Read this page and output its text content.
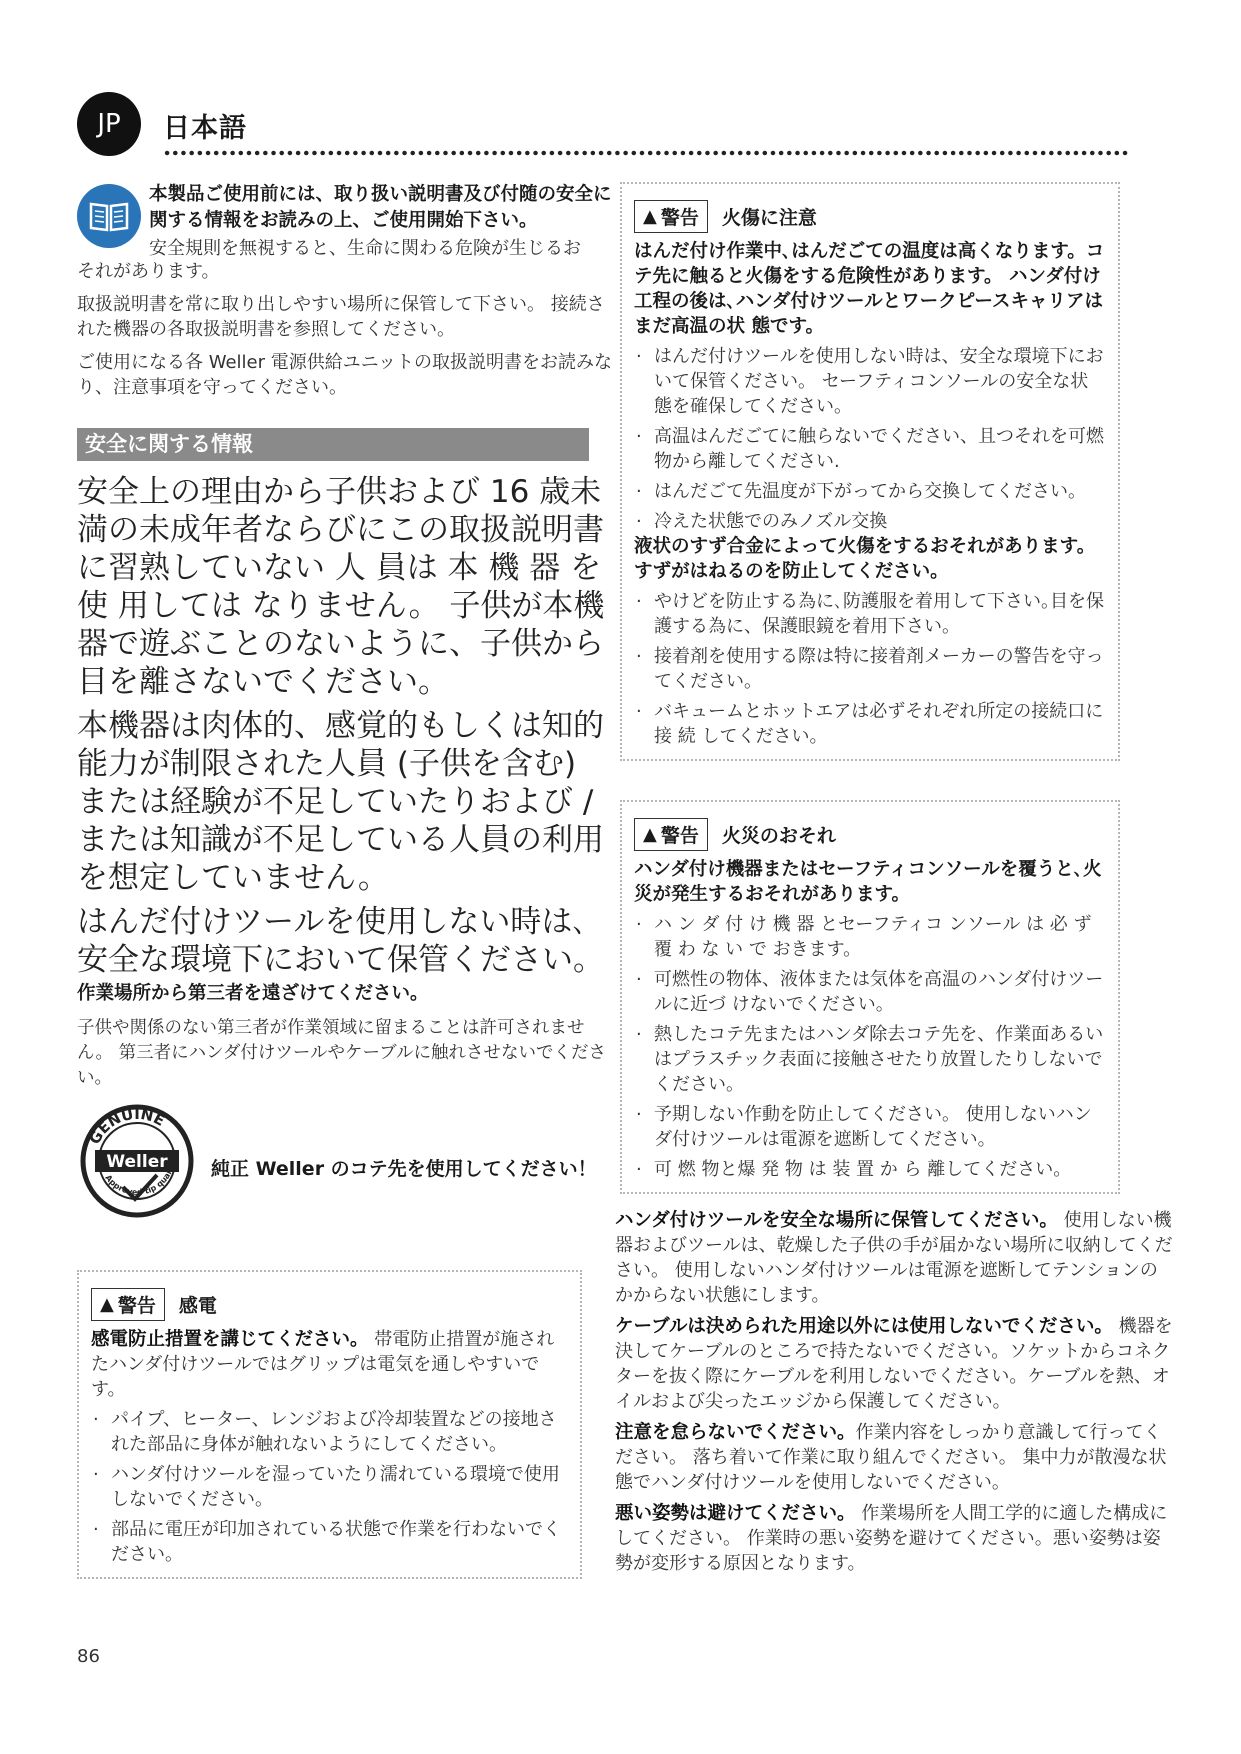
JP	日本語
本製品ご使用前には、取り扱い説明書及び付随の安全に関する情報をお読みの上、ご使用開始下さい。
安全規則を無視すると、生命に関わる危険が生じるお
それがあります。
取扱説明書を常に取り出しやすい場所に保管して下さい。 接続された機器の各取扱説明書を参照してください。
ご使用になる各 Weller 電源供給ユニットの取扱説明書をお読みなり、注意事項を守ってください。
安全に関する情報
安全上の理由から子供および 16 歳未満の未成年者ならびにこの取扱説明書に習熟していない 人 員は 本 機 器 を使 用しては なりません。 子供が本機器で遊ぶことのないように、子供から目を離さないでください。
本機器は肉体的、感覚的もしくは知的能力が制限された人員 (子供を含む) または経験が不足していたりおよび / または知識が不足している人員の利用を想定していません。
はんだ付けツールを使用しない時は､安全な環境下において保管ください。
作業場所から第三者を遠ざけてください。
子供や関係のない第三者が作業領域に留まることは許可されません。 第三者にハンダ付けツールやケーブルに触れさせないでください。
GENUINE
Weller
Approved tip quali 純正 Weller のコテ先を使用してください！
▲ 警告 感電
感電防止措置を講じてください。 帯電防止措置が施されたハンダ付けツールではグリップは電気を通しやすいです。
· パイプ、ヒーター、レンジおよび冷却装置などの接地された部品に身体が触れないようにしてください。
· ハンダ付けツールを湿っていたり濡れている環境で使用しないでください。
· 部品に電圧が印加されている状態で作業を行わないでください。
▲ 警告 火傷に注意
はんだ付け作業中､はんだごての温度は高くなります。コテ先に触ると火傷をする危険性があります。 ハンダ付け工程の後は､ハンダ付けツールとワークピースキャリアはまだ高温の状 態です。
· はんだ付けツールを使用しない時は、安全な環境下において保管ください。 セーフティコンソールの安全な状態を確保してください。
· 高温はんだごてに触らないでください、且つそれを可燃物から離してください.
· はんだごて先温度が下がってから交換してください。
· 冷えた状態でのみノズル交換
液状のすず合金によって火傷をするおそれがあります。 すずがはねるのを防止してください。
· やけどを防止する為に､防護服を着用して下さい｡目を保護する為に、保護眼鏡を着用下さい。
· 接着剤を使用する際は特に接着剤メーカーの警告を守ってください。
· バキュームとホットエアは必ずそれぞれ所定の接続口に接 続 してください。
▲ 警告 火災のおそれ
ハンダ付け機器またはセーフティコンソールを覆うと､火災が発生するおそれがあります。
· ハ ン ダ 付 け 機 器 とセーフティコ ンソール は 必 ず 覆 わ な い で おきます。
· 可燃性の物体、液体または気体を高温のハンダ付けツールに近づ けないでください。
· 熱したコテ先またはハンダ除去コテ先を、作業面あるいはプラスチック表面に接触させたり放置したりしないでください。
· 予期しない作動を防止してください。 使用しないハンダ付けツールは電源を遮断してください。
· 可 燃 物と爆 発 物 は 装 置 か ら 離してください。
ハンダ付けツールを安全な場所に保管してください。 使用しない機器およびツールは、乾燥した子供の手が届かない場所に収納してください。 使用しないハンダ付けツールは電源を遮断してテンションのかからない状態にします。
ケーブルは決められた用途以外には使用しないでください。 機器を決してケーブルのところで持たないでください。ソケットからコネクターを抜く際にケーブルを利用しないでください。ケーブルを熱、オイルおよび尖ったエッジから保護してください。
注意を怠らないでください。作業内容をしっかり意識して行ってください。 落ち着いて作業に取り組んでください。 集中力が散漫な状態でハンダ付けツールを使用しないでください。
悪い姿勢は避けてください。 作業場所を人間工学的に適した構成にしてください。 作業時の悪い姿勢を避けてください。悪い姿勢は姿勢が変形する原因となります。
86
